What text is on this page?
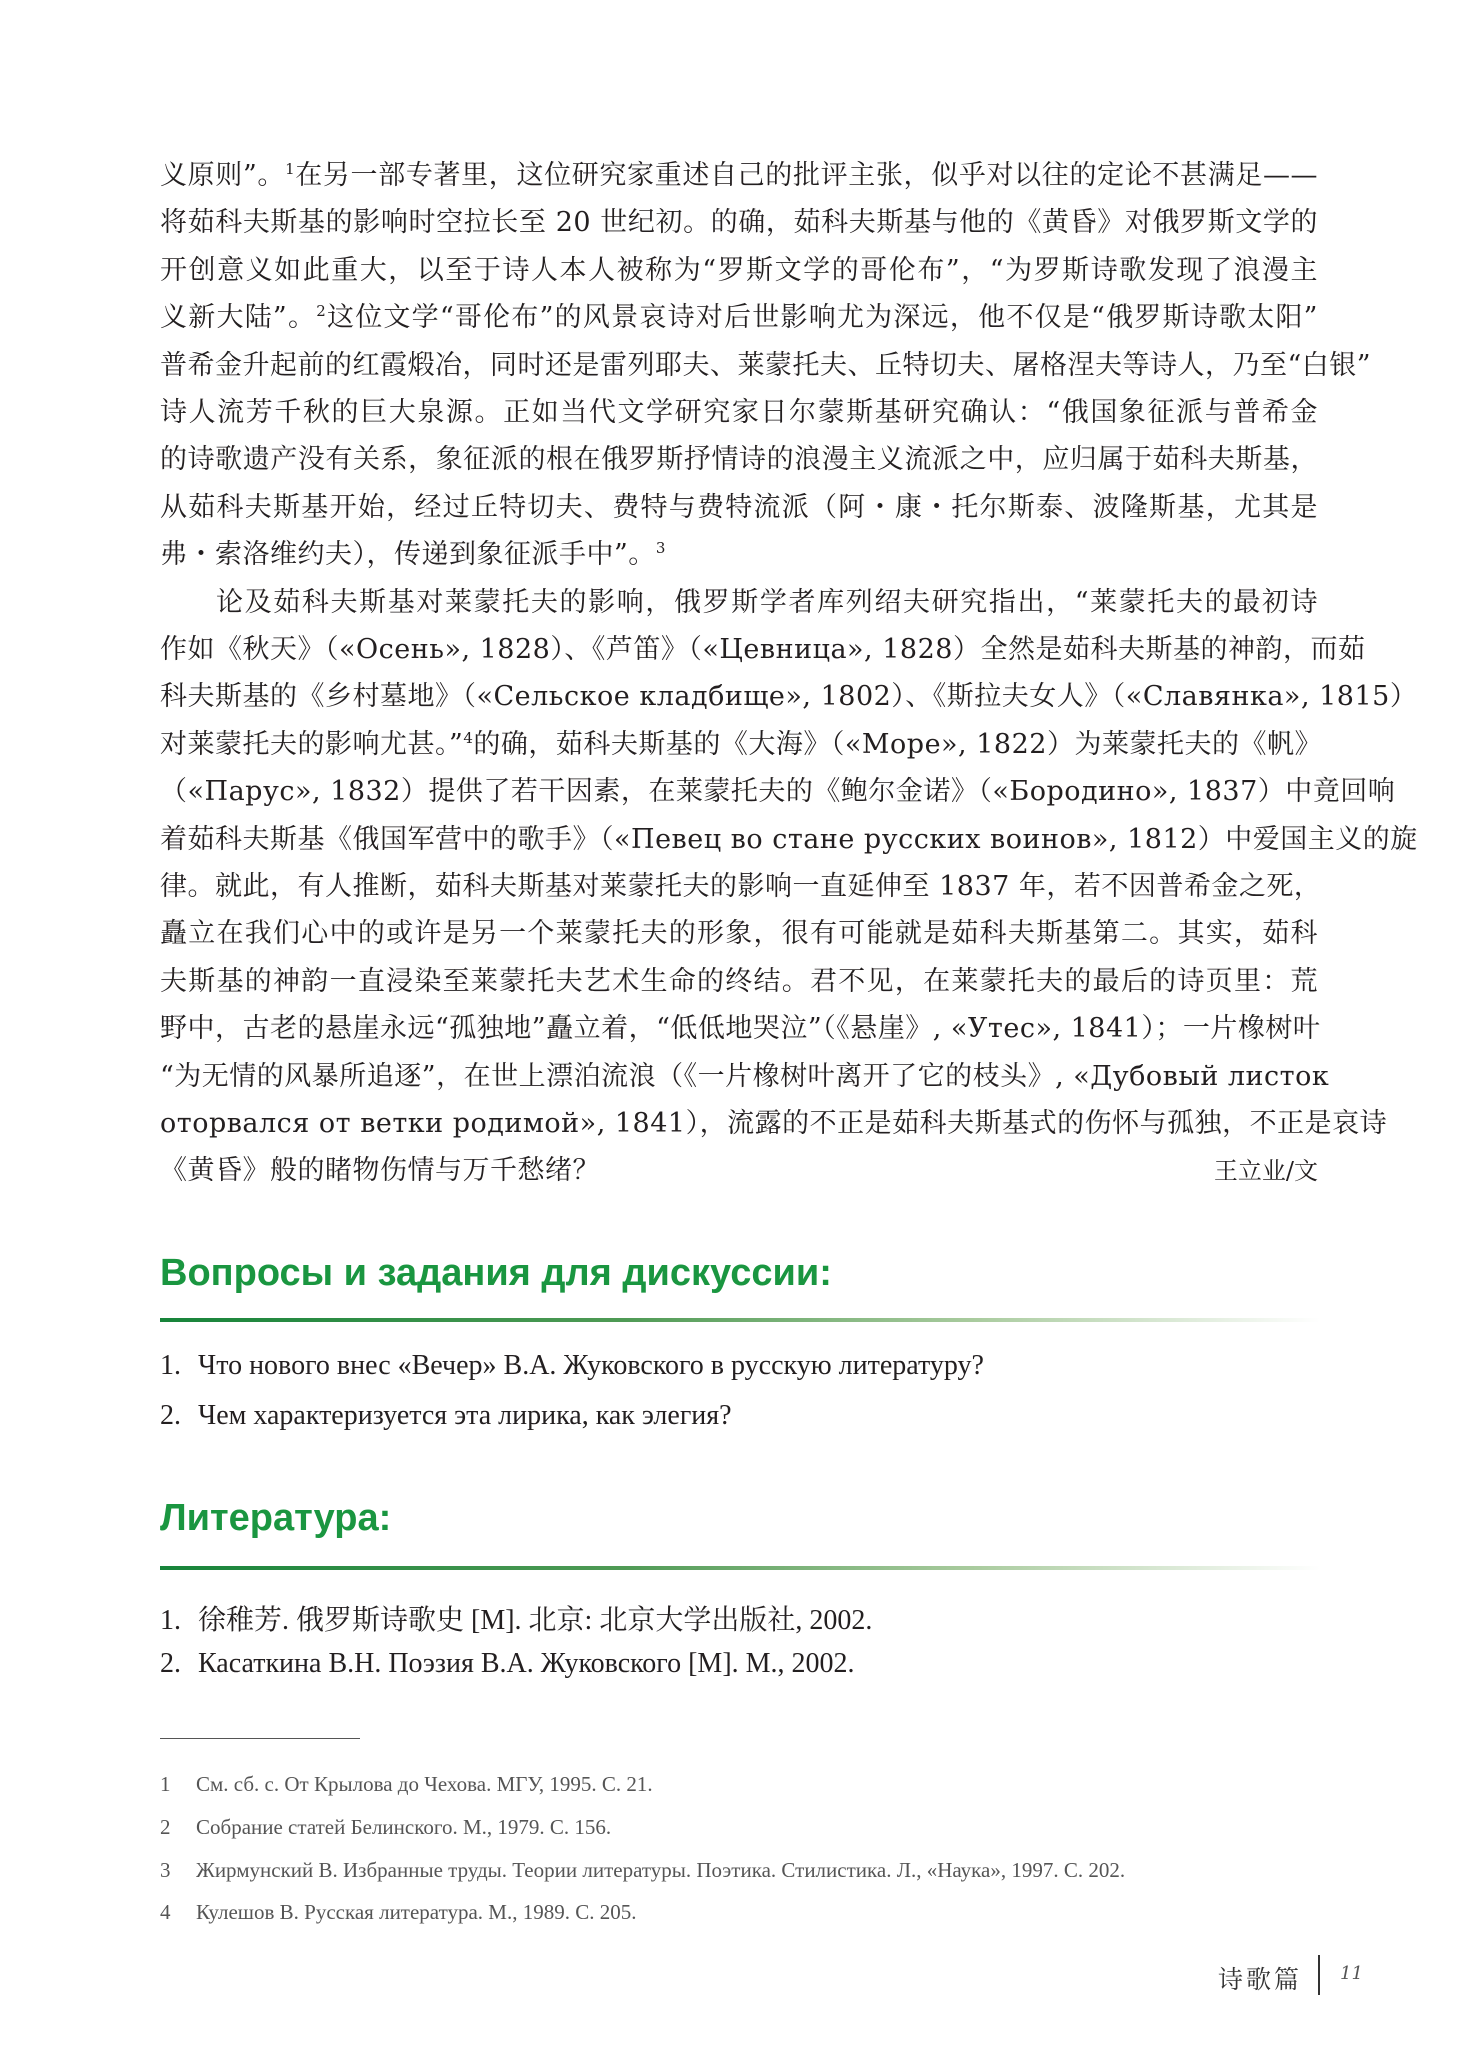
义原则”。$^1$在另一部专著里，这位研究家重述自己的批评主张，似乎对以往的定论不甚满足——
将茹科夫斯基的影响时空拉长至 20 世纪初。的确，茹科夫斯基与他的《黄昏》对俄罗斯文学的
开创意义如此重大，以至于诗人本人被称为“罗斯文学的哥伦布”，“为罗斯诗歌发现了浪漫主
义新大陆”。$^2$这位文学“哥伦布”的风景哀诗对后世影响尤为深远，他不仅是“俄罗斯诗歌太阳”
普希金升起前的红霞煅冶，同时还是雷列耶夫、莱蒙托夫、丘特切夫、屠格涅夫等诗人，乃至“白银”
诗人流芳千秋的巨大泉源。正如当代文学研究家日尔蒙斯基研究确认：“俄国象征派与普希金
的诗歌遗产没有关系，象征派的根在俄罗斯抒情诗的浪漫主义流派之中，应归属于茹科夫斯基，
从茹科夫斯基开始，经过丘特切夫、费特与费特流派（阿・康・托尔斯泰、波隆斯基，尤其是
弗・索洛维约夫），传递到象征派手中”。$^3$
论及茹科夫斯基对莱蒙托夫的影响，俄罗斯学者库列绍夫研究指出，“莱蒙托夫的最初诗
作如《秋天》（«Осень», 1828）、《芦笛》（«Цевница», 1828）全然是茹科夫斯基的神韵，而茹
科夫斯基的《乡村墓地》（«Сельское кладбище», 1802）、《斯拉夫女人》（«Славянка», 1815）
对莱蒙托夫的影响尤甚。”$^4$的确，茹科夫斯基的《大海》（«Море», 1822）为莱蒙托夫的《帆》
（«Парус», 1832）提供了若干因素，在莱蒙托夫的《鲍尔金诺》（«Бородино», 1837）中竟回响
着茹科夫斯基《俄国军营中的歌手》（«Певец во стане русских воинов», 1812）中爱国主义的旋
律。就此，有人推断，茹科夫斯基对莱蒙托夫的影响一直延伸至 1837 年，若不因普希金之死，
矗立在我们心中的或许是另一个莱蒙托夫的形象，很有可能就是茹科夫斯基第二。其实，茹科
夫斯基的神韵一直浸染至莱蒙托夫艺术生命的终结。君不见，在莱蒙托夫的最后的诗页里：荒
野中，古老的悬崖永远“孤独地”矗立着，“低低地哭泣”（《悬崖》, «Утес», 1841）；一片橡树叶
“为无情的风暴所追逐”，在世上漂泊流浪（《一片橡树叶离开了它的枝头》, «Дубовый листок
оторвался от ветки родимой», 1841），流露的不正是茹科夫斯基式的伤怀与孤独，不正是哀诗
《黄昏》般的睹物伤情与万千愁绪？	王立业/文
Вопросы и задания для дискуссии:
1. Что нового внес «Вечер» В.А. Жуковского в русскую литературу?
2. Чем характеризуется эта лирика, как элегия?
Литература:
1. 徐稚芳. 俄罗斯诗歌史 [M]. 北京: 北京大学出版社, 2002.
2. Касаткина В.Н. Поэзия В.А. Жуковского [M]. М., 2002.
1 См. сб. с. От Крылова до Чехова. МГУ, 1995. С. 21.
2 Собрание статей Белинского. М., 1979. С. 156.
3 Жирмунский В. Избранные труды. Теории литературы. Поэтика. Стилистика. Л., «Наука», 1997. С. 202.
4 Кулешов В. Русская литература. М., 1989. С. 205.
诗歌篇 11
